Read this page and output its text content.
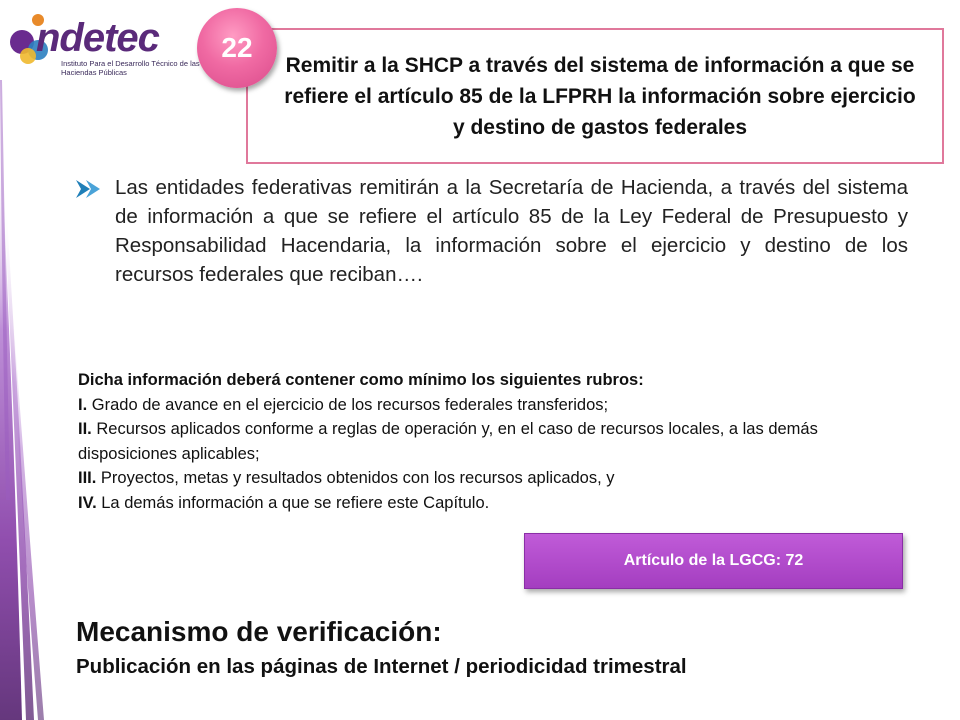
ndetec
Instituto Para el Desarrollo Técnico de las Haciendas Públicas	Remitir a la SHCP a través del sistema de información a que se refiere el artículo 85 de la LFPRH la información sobre ejercicio y destino de gastos federales
22
Las entidades federativas remitirán a la Secretaría de Hacienda, a través del sistema de información a que se refiere el artículo 85 de la Ley Federal de Presupuesto y Responsabilidad Hacendaria, la información sobre el ejercicio y destino de los recursos federales que reciban….
Dicha información deberá contener como mínimo los siguientes rubros:
I. Grado de avance en el ejercicio de los recursos federales transferidos;
II. Recursos aplicados conforme a reglas de operación y, en el caso de recursos locales, a las demás disposiciones aplicables;
III. Proyectos, metas y resultados obtenidos con los recursos aplicados, y
IV. La demás información a que se refiere este Capítulo.
Artículo de la LGCG: 72
Mecanismo de verificación:
Publicación en las páginas de Internet / periodicidad trimestral
